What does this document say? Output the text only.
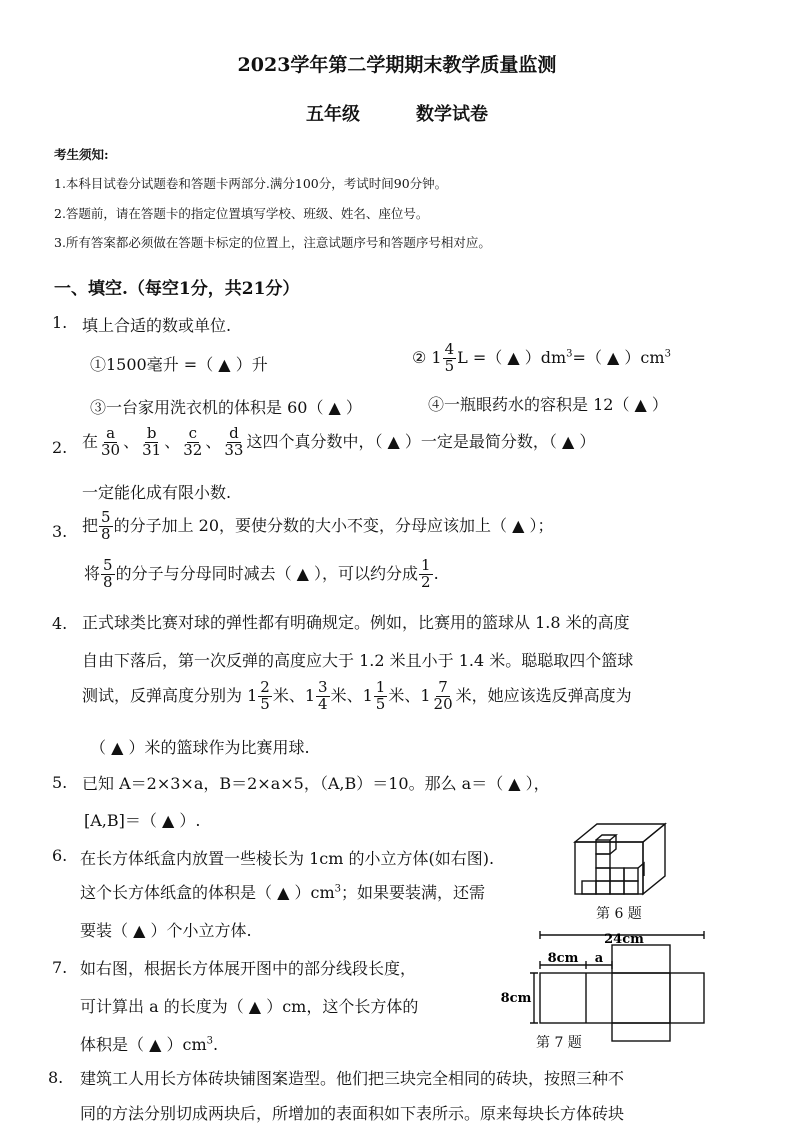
2023学年第二学期期末教学质量监测
五年级	数学试卷
考生须知:
1.本科目试卷分试题卷和答题卡两部分.满分100分，考试时间90分钟。
2.答题前，请在答题卡的指定位置填写学校、班级、姓名、座位号。
3.所有答案都必须做在答题卡标定的位置上，注意试题序号和答题序号相对应。
一、填空.（每空1分，共21分）
1. 填上合适的数或单位.
①1500毫升 =（ ▲ ）升	② $1 \frac{4}{5}$ L =（ ▲ ）$dm^3=$（ ▲ ）$cm^3$
③一台家用洗衣机的体积是 60（ ▲ ）	④一瓶眼药水的容积是 12（ ▲ ）
2. 在 $\frac{a}{30}$ 、 $\frac{b}{31}$ 、 $\frac{c}{32}$ 、 $\frac{d}{33}$ 这四个真分数中，（ ▲ ）一定是最简分数，（ ▲ ）
一定能化成有限小数.
3. 把 $\frac{5}{8}$ 的分子加上 20，要使分数的大小不变，分母应该加上（ ▲ ）；
将 $\frac{5}{8}$ 的分子与分母同时减去（ ▲ ），可以约分成 $\frac{1}{2}$ .
4. 正式球类比赛对球的弹性都有明确规定。例如，比赛用的篮球从 1.8 米的高度
自由下落后，第一次反弹的高度应大于 1.2 米且小于 1.4 米。聪聪取四个篮球
测试，反弹高度分别为 $1 \frac{2}{5}$ 米、$1 \frac{3}{4}$ 米、$1 \frac{1}{5}$ 米、$1 \frac{7}{20}$ 米，她应该选反弹高度为
（ ▲ ）米的篮球作为比赛用球.
5. 已知 A＝2×3×a，B＝2×a×5，（A,B）＝10。那么 a＝（ ▲ ），
[A,B]＝（ ▲ ）.
6. 在长方体纸盒内放置一些棱长为 1cm 的小立方体(如右图).
这个长方体纸盒的体积是（ ▲ ）$cm^3$；如果要装满，还需
要装（ ▲ ）个小立方体.
第 6 题
7. 如右图，根据长方体展开图中的部分线段长度，
可计算出 a 的长度为（ ▲ ）cm，这个长方体的
体积是（ ▲ ）$cm^3$.
24cm
8cm a
8cm
第 7 题
8. 建筑工人用长方体砖块铺图案造型。他们把三块完全相同的砖块，按照三种不
同的方法分别切成两块后，所增加的表面积如下表所示。原来每块长方体砖块
